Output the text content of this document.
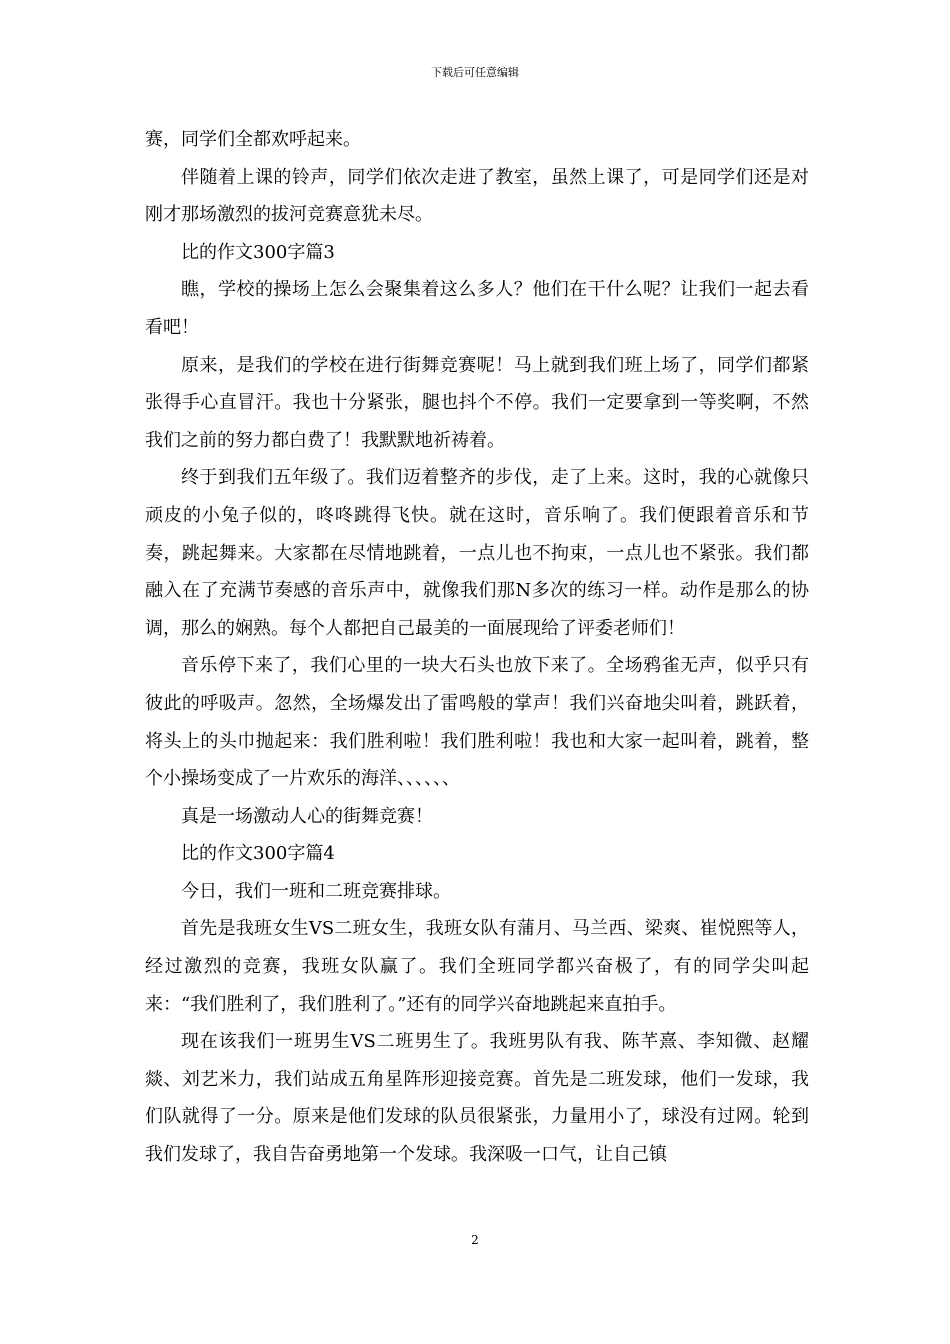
下载后可任意编辑

赛，同学们全都欢呼起来。

伴随着上课的铃声，同学们依次走进了教室，虽然上课了，可是同学们还是对刚才那场激烈的拔河竞赛意犹未尽。

比的作文300字篇3

瞧，学校的操场上怎么会聚集着这么多人？他们在干什么呢？让我们一起去看看吧！

原来，是我们的学校在进行街舞竞赛呢！马上就到我们班上场了，同学们都紧张得手心直冒汗。我也十分紧张，腿也抖个不停。我们一定要拿到一等奖啊，不然我们之前的努力都白费了！我默默地祈祷着。

终于到我们五年级了。我们迈着整齐的步伐，走了上来。这时，我的心就像只顽皮的小兔子似的，咚咚跳得飞快。就在这时，音乐响了。我们便跟着音乐和节奏，跳起舞来。大家都在尽情地跳着，一点儿也不拘束，一点儿也不紧张。我们都融入在了充满节奏感的音乐声中，就像我们那N多次的练习一样。动作是那么的协调，那么的娴熟。每个人都把自己最美的一面展现给了评委老师们！

音乐停下来了，我们心里的一块大石头也放下来了。全场鸦雀无声，似乎只有彼此的呼吸声。忽然，全场爆发出了雷鸣般的掌声！我们兴奋地尖叫着，跳跃着，将头上的头巾抛起来：我们胜利啦！我们胜利啦！我也和大家一起叫着，跳着，整个小操场变成了一片欢乐的海洋、、、、、、

真是一场激动人心的街舞竞赛！

比的作文300字篇4

今日，我们一班和二班竞赛排球。

首先是我班女生VS二班女生，我班女队有蒲月、马兰西、梁爽、崔悦熙等人，经过激烈的竞赛，我班女队赢了。我们全班同学都兴奋极了，有的同学尖叫起来：“我们胜利了，我们胜利了。”还有的同学兴奋地跳起来直拍手。

现在该我们一班男生VS二班男生了。我班男队有我、陈芊熹、李知微、赵耀燚、刘艺米力，我们站成五角星阵形迎接竞赛。首先是二班发球，他们一发球，我们队就得了一分。原来是他们发球的队员很紧张，力量用小了，球没有过网。轮到我们发球了，我自告奋勇地第一个发球。我深吸一口气，让自己镇

2
